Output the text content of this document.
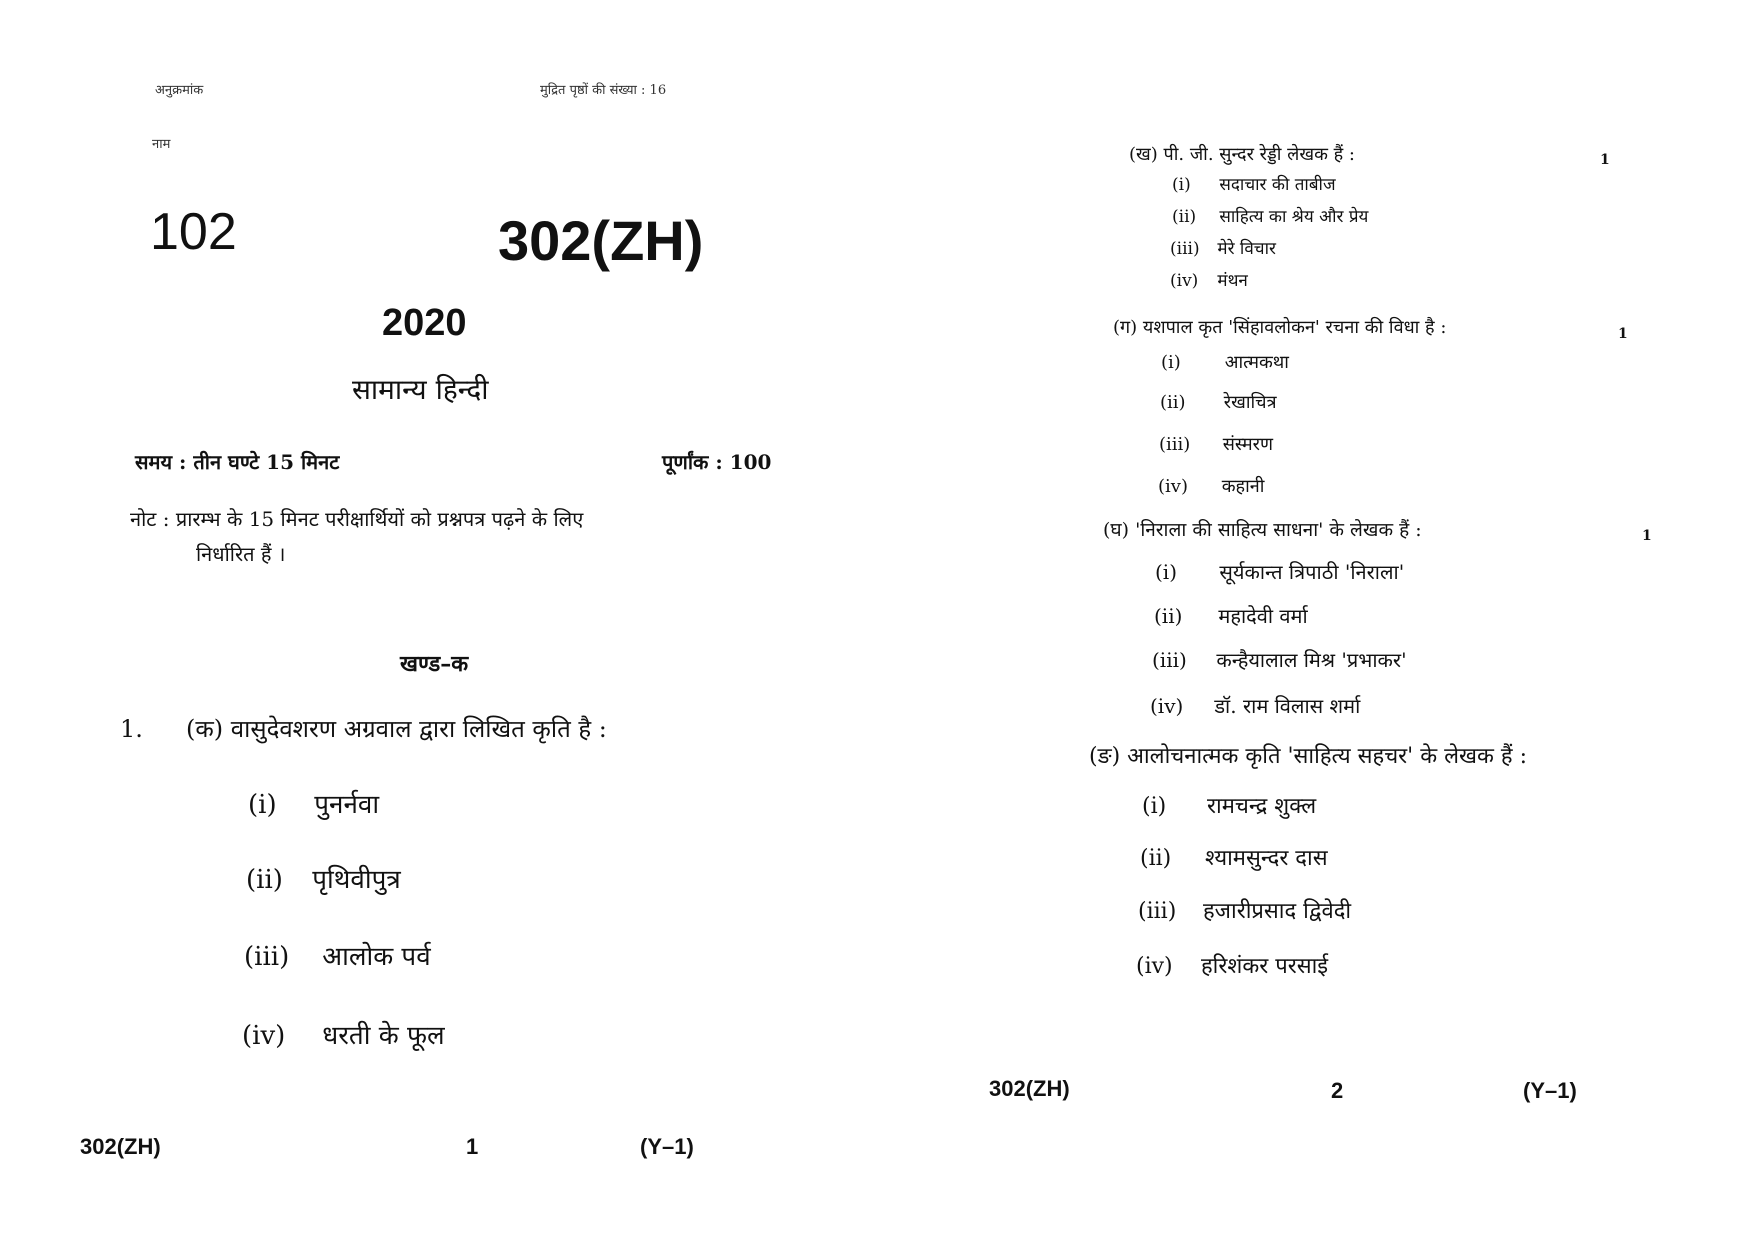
अनुक्रमांक	मुद्रित पृष्ठों की संख्या : 16
नाम
102	302(ZH)
2020
सामान्य हिन्दी
समय : तीन घण्टे 15 मिनट	पूर्णांक : 100
नोट : प्रारम्भ के 15 मिनट परीक्षार्थियों को प्रश्नपत्र पढ़ने के लिए
निर्धारित हैं ।
खण्ड–क
1. (क) वासुदेवशरण अग्रवाल द्वारा लिखित कृति है :
(i) पुनर्नवा
(ii) पृथिवीपुत्र
(iii) आलोक पर्व
(iv) धरती के फूल
302(ZH)	1	(Y–1)
(ख) पी. जी. सुन्दर रेड्डी लेखक हैं :	1
(i) सदाचार की ताबीज
(ii) साहित्य का श्रेय और प्रेय
(iii) मेरे विचार
(iv) मंथन
(ग) यशपाल कृत 'सिंहावलोकन' रचना की विधा है :	1
(i) आत्मकथा
(ii) रेखाचित्र
(iii) संस्मरण
(iv) कहानी
(घ) 'निराला की साहित्य साधना' के लेखक हैं :	1
(i) सूर्यकान्त त्रिपाठी 'निराला'
(ii) महादेवी वर्मा
(iii) कन्हैयालाल मिश्र 'प्रभाकर'
(iv) डॉ. राम विलास शर्मा
(ङ) आलोचनात्मक कृति 'साहित्य सहचर' के लेखक हैं :
(i) रामचन्द्र शुक्ल
(ii) श्यामसुन्दर दास
(iii) हजारीप्रसाद द्विवेदी
(iv) हरिशंकर परसाई
302(ZH)	2	(Y–1)
